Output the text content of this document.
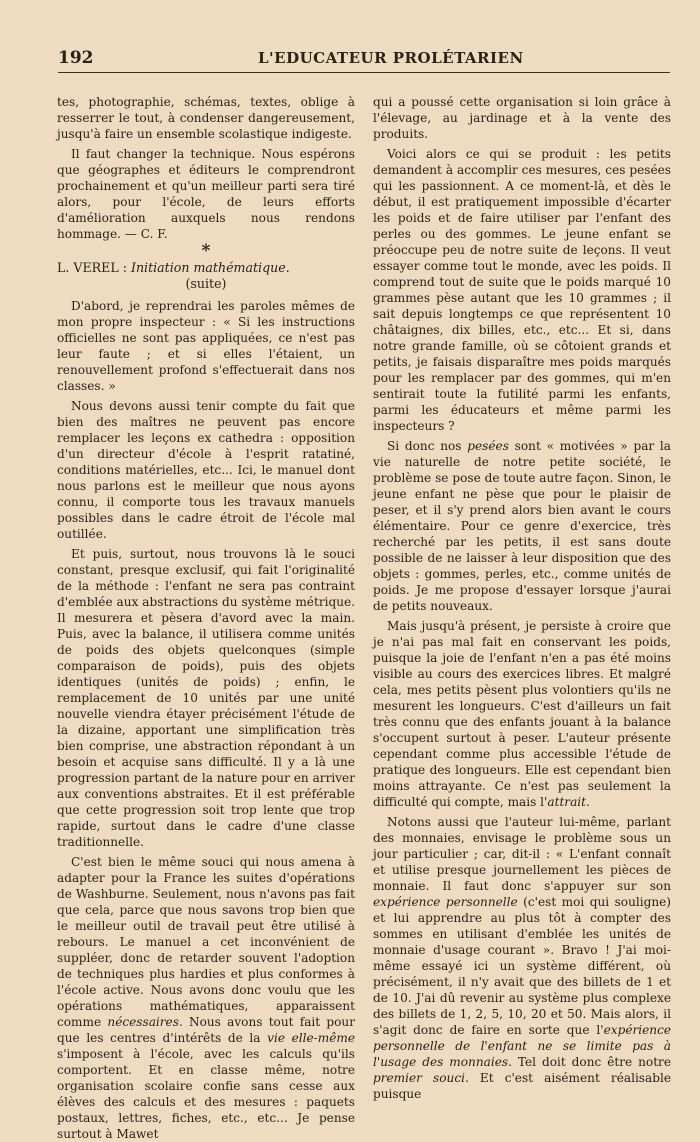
192	L'EDUCATEUR PROLÉTARIEN

tes, photographie, schémas, textes, oblige à resserrer le tout, à condenser dangereusement, jusqu'à faire un ensemble scolastique indigeste.

Il faut changer la technique. Nous espérons que géographes et éditeurs le comprendront prochainement et qu'un meilleur parti sera tiré alors, pour l'école, de leurs efforts d'amélioration auxquels nous rendons hommage. — C. F.

*
L. VEREL : Initiation mathématique.
(suite)

D'abord, je reprendrai les paroles mêmes de mon propre inspecteur : « Si les instructions officielles ne sont pas appliquées, ce n'est pas leur faute ; et si elles l'étaient, un renouvellement profond s'effectuerait dans nos classes. »

Nous devons aussi tenir compte du fait que bien des maîtres ne peuvent pas encore remplacer les leçons ex cathedra : opposition d'un directeur d'école à l'esprit ratatiné, conditions matérielles, etc... Ici, le manuel dont nous parlons est le meilleur que nous ayons connu, il comporte tous les travaux manuels possibles dans le cadre étroit de l'école mal outillée.

Et puis, surtout, nous trouvons là le souci constant, presque exclusif, qui fait l'originalité de la méthode : l'enfant ne sera pas contraint d'emblée aux abstractions du système métrique. Il mesurera et pèsera d'avord avec la main. Puis, avec la balance, il utilisera comme unités de poids des objets quelconques (simple comparaison de poids), puis des objets identiques (unités de poids) ; enfin, le remplacement de 10 unités par une unité nouvelle viendra étayer précisément l'étude de la dizaine, apportant une simplification très bien comprise, une abstraction répondant à un besoin et acquise sans difficulté. Il y a là une progression partant de la nature pour en arriver aux conventions abstraites. Et il est préférable que cette progression soit trop lente que trop rapide, surtout dans le cadre d'une classe traditionnelle.

C'est bien le même souci qui nous amena à adapter pour la France les suites d'opérations de Washburne. Seulement, nous n'avons pas fait que cela, parce que nous savons trop bien que le meilleur outil de travail peut être utilisé à rebours. Le manuel a cet inconvénient de suppléer, donc de retarder souvent l'adoption de techniques plus hardies et plus conformes à l'école active. Nous avons donc voulu que les opérations mathématiques, apparaissent comme nécessaires. Nous avons tout fait pour que les centres d'intérêts de la vie elle-même s'imposent à l'école, avec les calculs qu'ils comportent. Et en classe même, notre organisation scolaire confie sans cesse aux élèves des calculs et des mesures : paquets postaux, lettres, fiches, etc., etc... Je pense surtout à Mawet

qui a poussé cette organisation si loin grâce à l'élevage, au jardinage et à la vente des produits.

Voici alors ce qui se produit : les petits demandent à accomplir ces mesures, ces pesées qui les passionnent. A ce moment-là, et dès le début, il est pratiquement impossible d'écarter les poids et de faire utiliser par l'enfant des perles ou des gommes. Le jeune enfant se préoccupe peu de notre suite de leçons. Il veut essayer comme tout le monde, avec les poids. Il comprend tout de suite que le poids marqué 10 grammes pèse autant que les 10 grammes ; il sait depuis longtemps ce que représentent 10 châtaignes, dix billes, etc., etc... Et si, dans notre grande famille, où se côtoient grands et petits, je faisais disparaître mes poids marqués pour les remplacer par des gommes, qui m'en sentirait toute la futilité parmi les enfants, parmi les éducateurs et même parmi les inspecteurs ?

Si donc nos pesées sont « motivées » par la vie naturelle de notre petite société, le problème se pose de toute autre façon. Sinon, le jeune enfant ne pèse que pour le plaisir de peser, et il s'y prend alors bien avant le cours élémentaire. Pour ce genre d'exercice, très recherché par les petits, il est sans doute possible de ne laisser à leur disposition que des objets : gommes, perles, etc., comme unités de poids. Je me propose d'essayer lorsque j'aurai de petits nouveaux.

Mais jusqu'à présent, je persiste à croire que je n'ai pas mal fait en conservant les poids, puisque la joie de l'enfant n'en a pas été moins visible au cours des exercices libres. Et malgré cela, mes petits pèsent plus volontiers qu'ils ne mesurent les longueurs. C'est d'ailleurs un fait très connu que des enfants jouant à la balance s'occupent surtout à peser. L'auteur présente cependant comme plus accessible l'étude de pratique des longueurs. Elle est cependant bien moins attrayante. Ce n'est pas seulement la difficulté qui compte, mais l'attrait.

Notons aussi que l'auteur lui-même, parlant des monnaies, envisage le problème sous un jour particulier ; car, dit-il : « L'enfant connaît et utilise presque journellement les pièces de monnaie. Il faut donc s'appuyer sur son expérience personnelle (c'est moi qui souligne) et lui apprendre au plus tôt à compter des sommes en utilisant d'emblée les unités de monnaie d'usage courant ». Bravo ! J'ai moi-même essayé ici un système différent, où précisément, il n'y avait que des billets de 1 et de 10. J'ai dû revenir au système plus complexe des billets de 1, 2, 5, 10, 20 et 50. Mais alors, il s'agit donc de faire en sorte que l'expérience personnelle de l'enfant ne se limite pas à l'usage des monnaies. Tel doit donc être notre premier souci. Et c'est aisément réalisable puisque
